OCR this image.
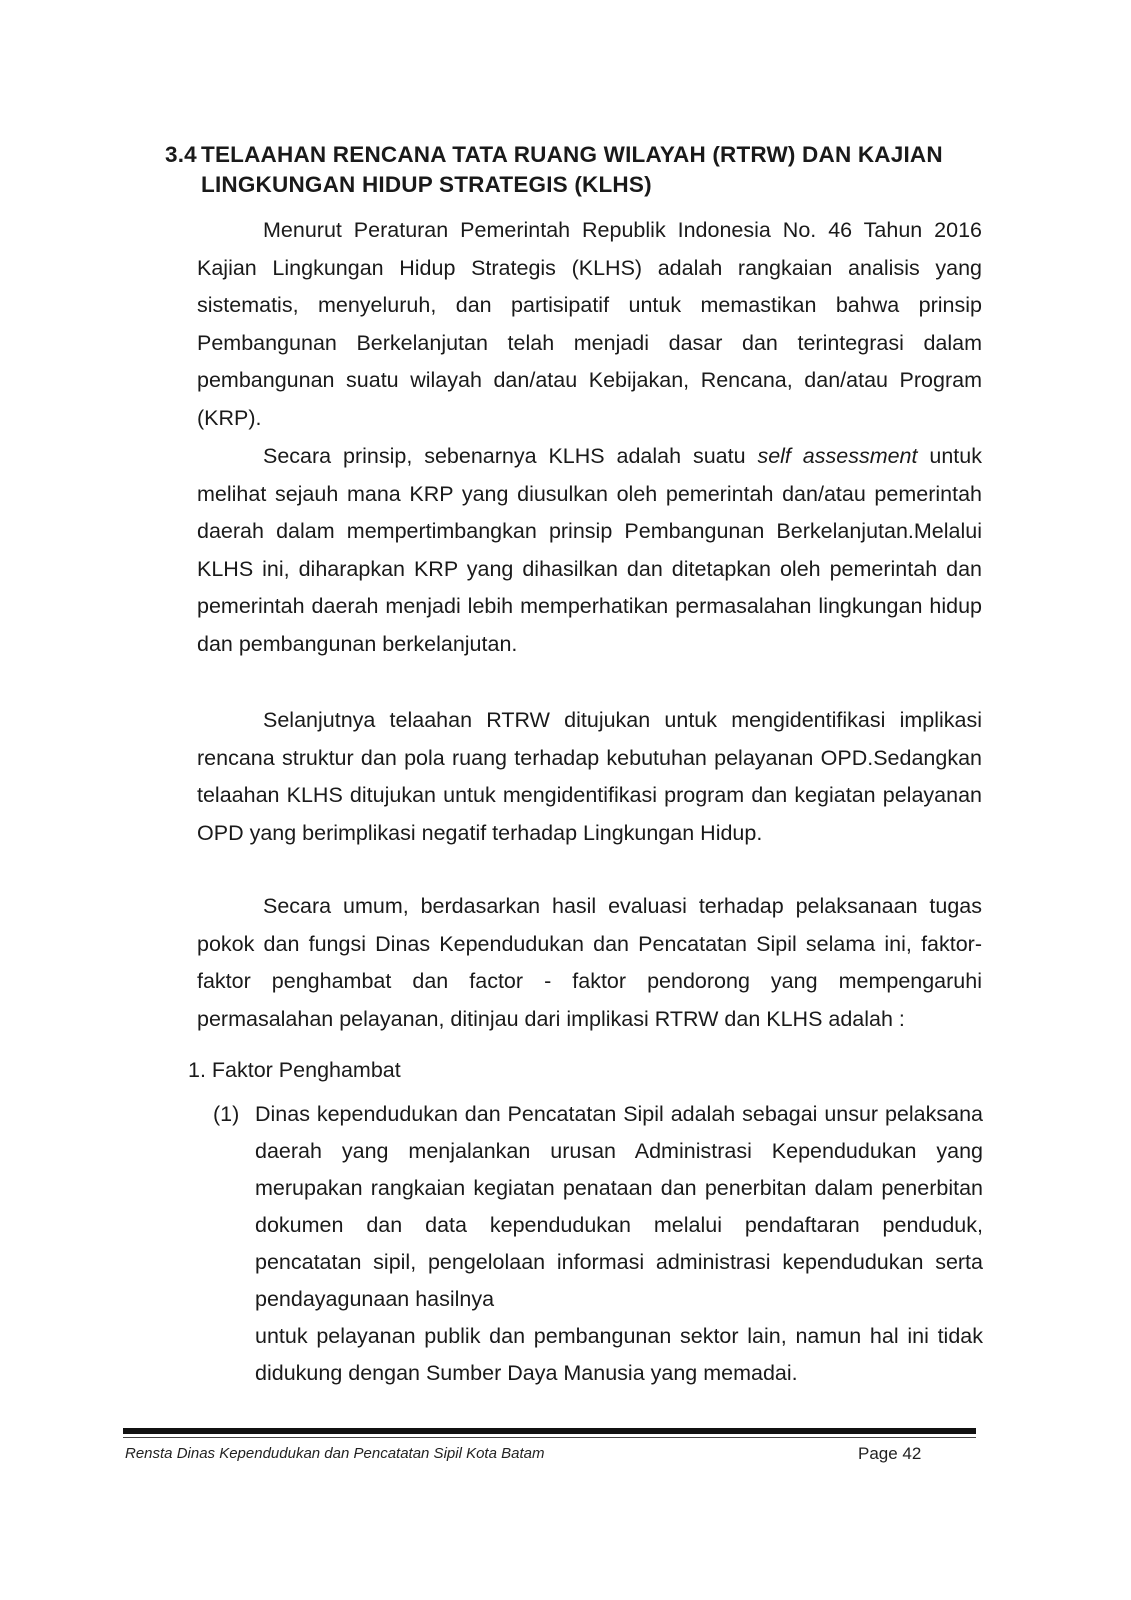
3.4 TELAAHAN RENCANA TATA RUANG WILAYAH (RTRW) DAN KAJIAN
LINGKUNGAN HIDUP STRATEGIS (KLHS)

Menurut Peraturan Pemerintah Republik Indonesia No. 46 Tahun 2016 Kajian Lingkungan Hidup Strategis (KLHS) adalah rangkaian analisis yang sistematis, menyeluruh, dan partisipatif untuk memastikan bahwa prinsip Pembangunan Berkelanjutan telah menjadi dasar dan terintegrasi dalam pembangunan suatu wilayah dan/atau Kebijakan, Rencana, dan/atau Program (KRP).

Secara prinsip, sebenarnya KLHS adalah suatu self assessment untuk melihat sejauh mana KRP yang diusulkan oleh pemerintah dan/atau pemerintah daerah dalam mempertimbangkan prinsip Pembangunan Berkelanjutan.Melalui KLHS ini, diharapkan KRP yang dihasilkan dan ditetapkan oleh pemerintah dan pemerintah daerah menjadi lebih memperhatikan permasalahan lingkungan hidup dan pembangunan berkelanjutan.

Selanjutnya telaahan RTRW ditujukan untuk mengidentifikasi implikasi rencana struktur dan pola ruang terhadap kebutuhan pelayanan OPD.Sedangkan telaahan KLHS ditujukan untuk mengidentifikasi program dan kegiatan pelayanan OPD yang berimplikasi negatif terhadap Lingkungan Hidup.

Secara umum, berdasarkan hasil evaluasi terhadap pelaksanaan tugas pokok dan fungsi Dinas Kependudukan dan Pencatatan Sipil selama ini, faktor-faktor penghambat dan factor - faktor pendorong yang mempengaruhi permasalahan pelayanan, ditinjau dari implikasi RTRW dan KLHS adalah :

1. Faktor Penghambat
(1) Dinas kependudukan dan Pencatatan Sipil adalah sebagai unsur pelaksana daerah yang menjalankan urusan Administrasi Kependudukan yang merupakan rangkaian kegiatan penataan dan penerbitan dalam penerbitan dokumen dan data kependudukan melalui pendaftaran penduduk, pencatatan sipil, pengelolaan informasi administrasi kependudukan serta pendayagunaan hasilnya

untuk pelayanan publik dan pembangunan sektor lain, namun hal ini tidak didukung dengan Sumber Daya Manusia yang memadai.

Rensta Dinas Kependudukan dan Pencatatan Sipil Kota Batam	Page 42
